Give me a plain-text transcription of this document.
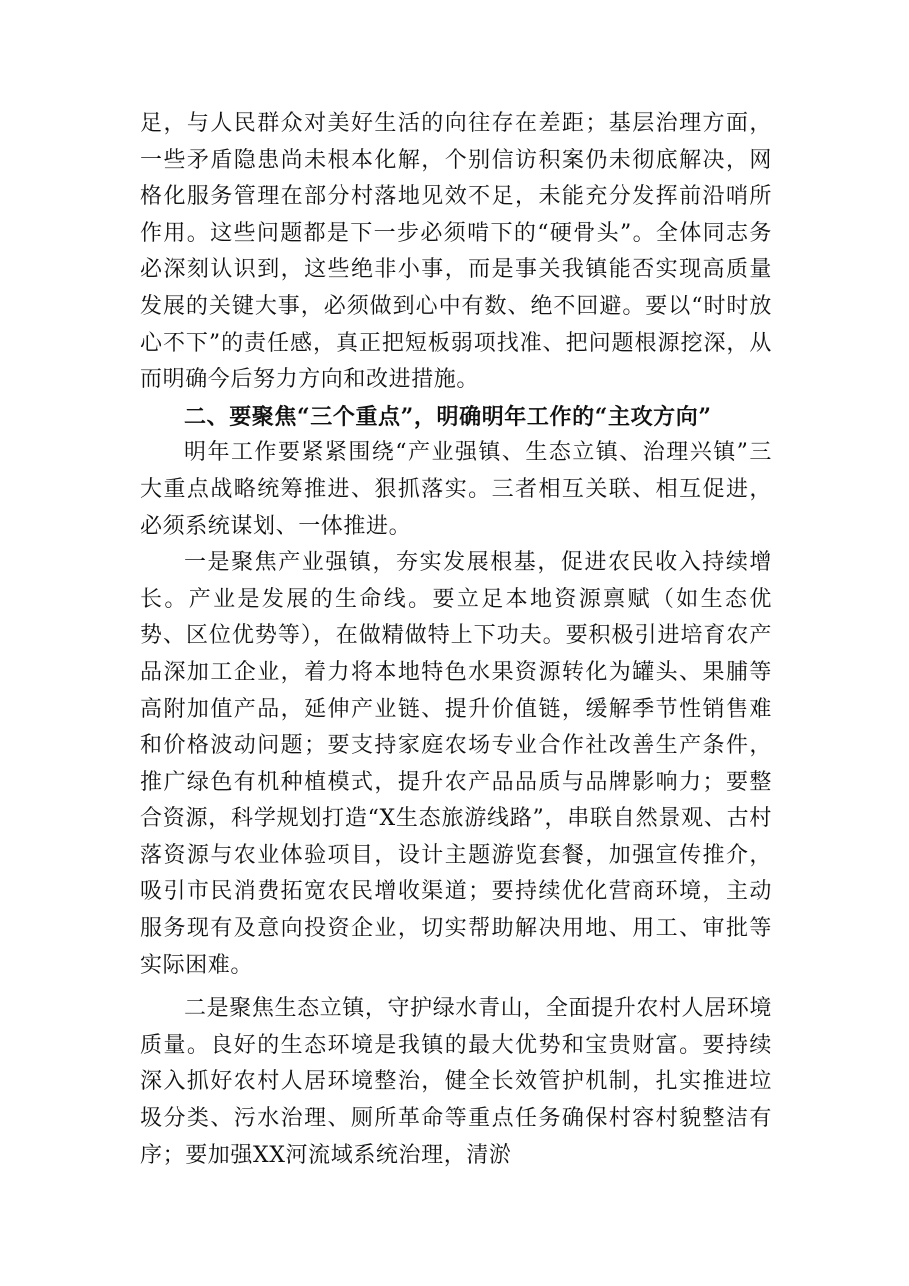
足，与人民群众对美好生活的向往存在差距；基层治理方面，一些矛盾隐患尚未根本化解，个别信访积案仍未彻底解决，网格化服务管理在部分村落地见效不足，未能充分发挥前沿哨所作用。这些问题都是下一步必须啃下的“硬骨头”。全体同志务必深刻认识到，这些绝非小事，而是事关我镇能否实现高质量发展的关键大事，必须做到心中有数、绝不回避。要以“时时放心不下”的责任感，真正把短板弱项找准、把问题根源挖深，从而明确今后努力方向和改进措施。

二、要聚焦“三个重点”，明确明年工作的“主攻方向”

明年工作要紧紧围绕“产业强镇、生态立镇、治理兴镇”三大重点战略统筹推进、狠抓落实。三者相互关联、相互促进，必须系统谋划、一体推进。

一是聚焦产业强镇，夯实发展根基，促进农民收入持续增长。产业是发展的生命线。要立足本地资源禀赋（如生态优势、区位优势等），在做精做特上下功夫。要积极引进培育农产品深加工企业，着力将本地特色水果资源转化为罐头、果脯等高附加值产品，延伸产业链、提升价值链，缓解季节性销售难和价格波动问题；要支持家庭农场专业合作社改善生产条件，推广绿色有机种植模式，提升农产品品质与品牌影响力；要整合资源，科学规划打造“X生态旅游线路”，串联自然景观、古村落资源与农业体验项目，设计主题游览套餐，加强宣传推介，吸引市民消费拓宽农民增收渠道；要持续优化营商环境，主动服务现有及意向投资企业，切实帮助解决用地、用工、审批等实际困难。

二是聚焦生态立镇，守护绿水青山，全面提升农村人居环境质量。良好的生态环境是我镇的最大优势和宝贵财富。要持续深入抓好农村人居环境整治，健全长效管护机制，扎实推进垃圾分类、污水治理、厕所革命等重点任务确保村容村貌整洁有序；要加强XX河流域系统治理，清淤
